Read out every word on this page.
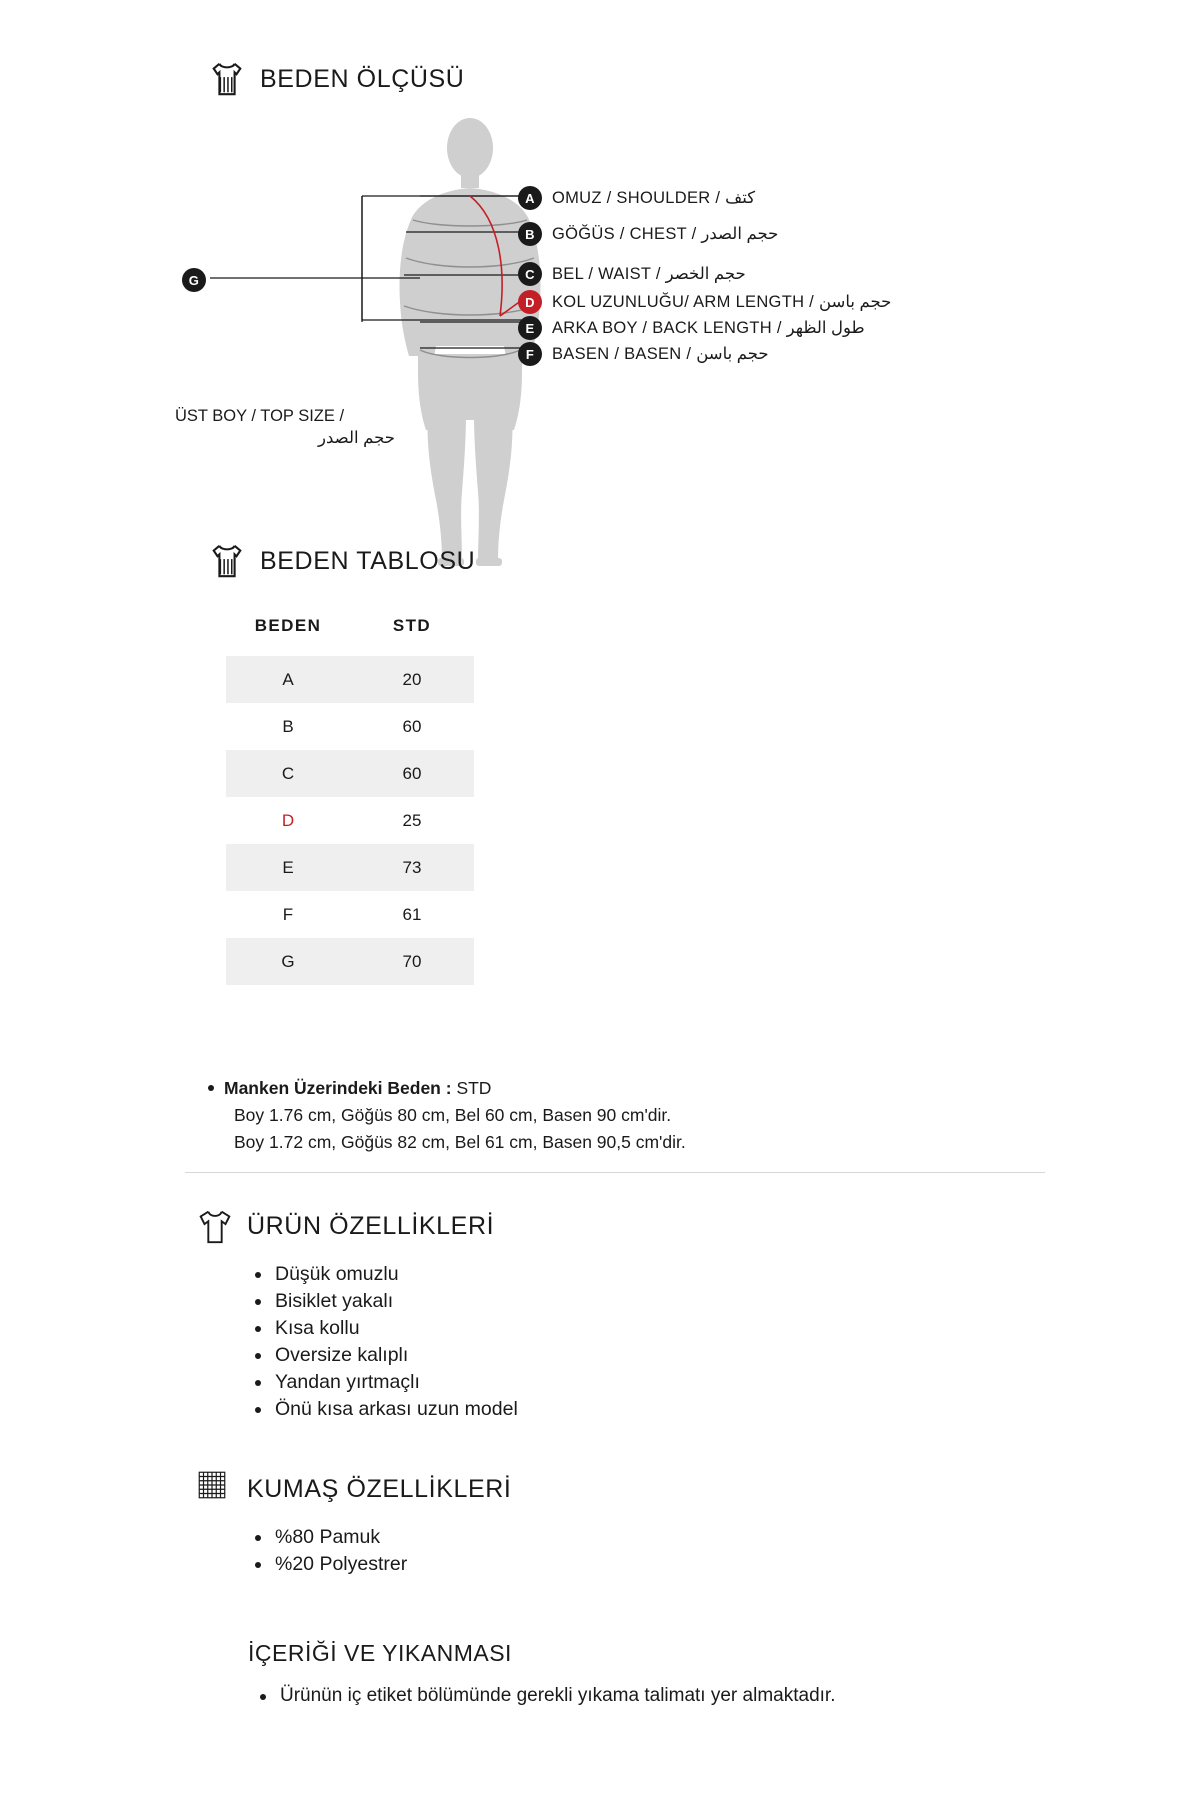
BEDEN ÖLÇÜSÜ
A OMUZ / SHOULDER / كتف
B GÖĞÜS / CHEST / حجم الصدر
C BEL / WAIST / حجم الخصر
D KOL UZUNLUĞU/ ARM LENGTH / حجم باسن
E ARKA BOY / BACK LENGTH / طول الظهر
F BASEN / BASEN / حجم باسن
G
ÜST BOY / TOP SIZE /
حجم الصدر
BEDEN TABLOSU
BEDEN	STD
A	20
B	60
C	60
D	25
E	73
F	61
G	70
Manken Üzerindeki Beden : STD
Boy 1.76 cm, Göğüs 80 cm, Bel 60 cm, Basen 90 cm'dir.
Boy 1.72 cm, Göğüs 82 cm, Bel 61 cm, Basen 90,5 cm'dir.
ÜRÜN ÖZELLİKLERİ
Düşük omuzlu
Bisiklet yakalı
Kısa kollu
Oversize kalıplı
Yandan yırtmaçlı
Önü kısa arkası uzun model
KUMAŞ ÖZELLİKLERİ
%80 Pamuk
%20 Polyestrer
İÇERİĞİ VE YIKANMASI
Ürünün iç etiket bölümünde gerekli yıkama talimatı yer almaktadır.
